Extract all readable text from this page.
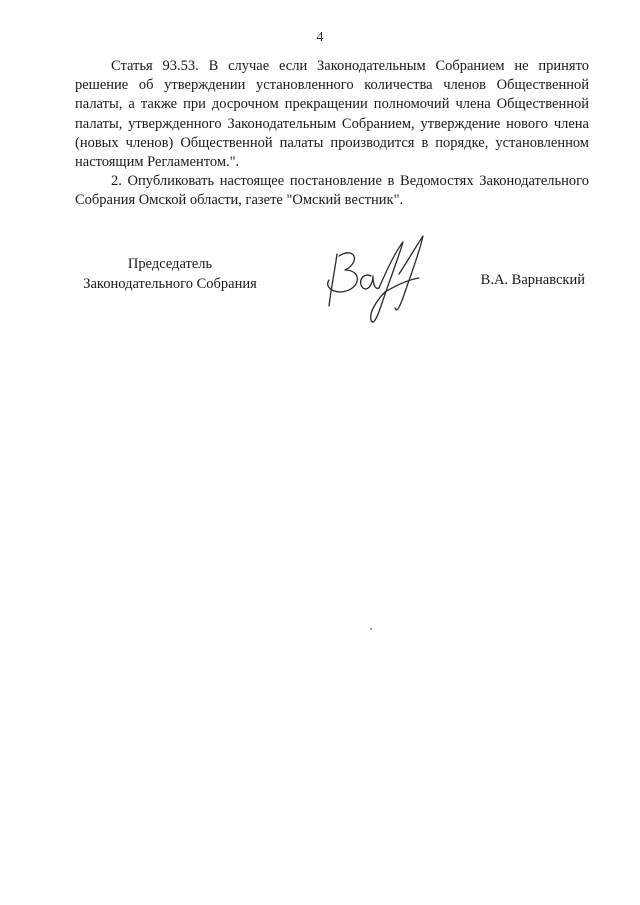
4

Статья 93.53. В случае если Законодательным Собранием не принято решение об утверждении установленного количества членов Общественной палаты, а также при досрочном прекращении полномочий члена Общественной палаты, утвержденного Законодательным Собранием, утверждение нового члена (новых членов) Общественной палаты производится в порядке, установленном настоящим Регламентом.".

2. Опубликовать настоящее постановление в Ведомостях Законодательного Собрания Омской области, газете "Омский вестник".

Председатель
Законодательного Собрания	В.А. Варнавский
